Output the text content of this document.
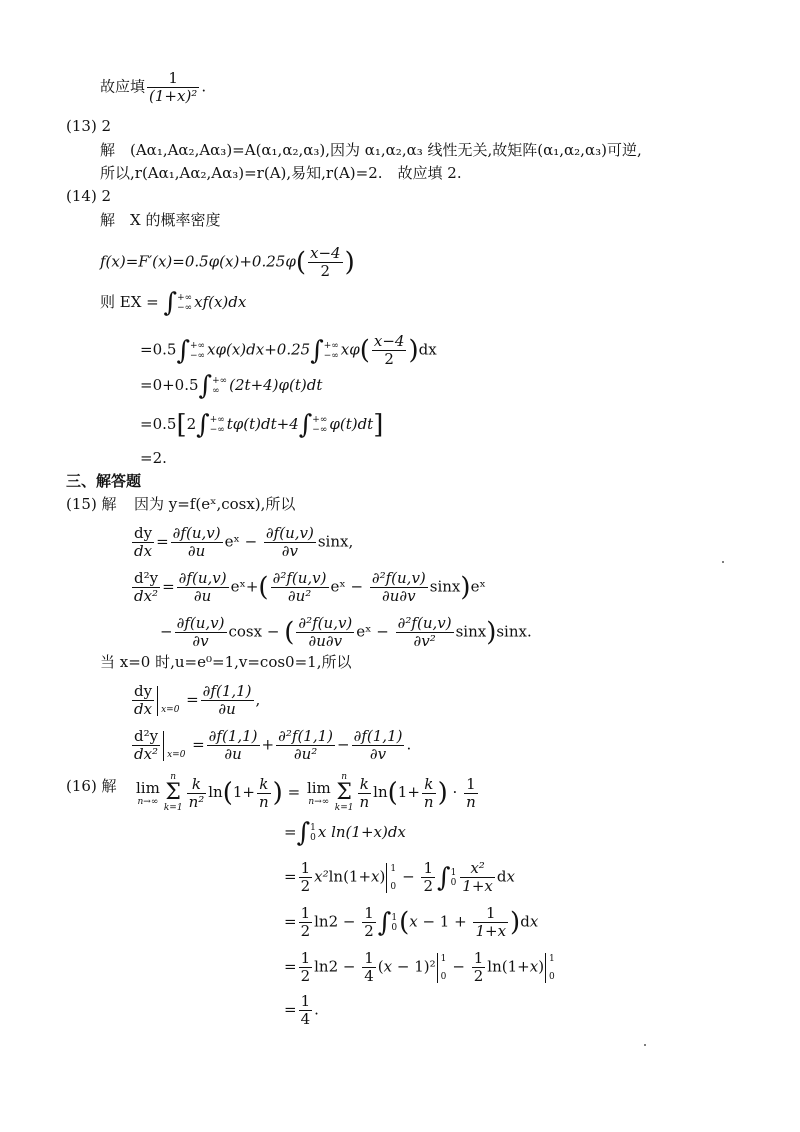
故应填 $\frac{1}{\text{(1+x)²}}$ .
(13) 2
解　(Aα₁,Aα₂,Aα₃)=A(α₁,α₂,α₃),因为 α₁,α₂,α₃ 线性无关,故矩阵(α₁,α₂,α₃)可逆,
所以,r(Aα₁,Aα₂,Aα₃)=r(A),易知,r(A)=2.　故应填 2.
(14) 2
解　X 的概率密度
$f(x)=F'(x)=0.5\varphi(x)+0.25\varphi( \frac{x-4}{2}$ )
则 EX = ∫ +∞
−∞ xf(x)dx
=0.5∫ +∞
−∞ xφ(x)dx+0.25∫ +∞
−∞ $x\varphi( \frac{x-4}{2} )dx$
=0+0.5∫ +∞
∞ (2t+4)φ(t)dt
=0.5[2∫ +∞
−∞ tφ(t)dt+4∫ +∞
−∞ φ(t)dt]
=2.
三、解答题
(15) 解 因为 y=f(eˣ,cosx),所以
$\frac{dy}{dx} = \frac{\partial f(u,v)}{\partial u}$ eˣ − $\frac{\partial f(u,v)}{\partial v} \sin x$,
$\frac{\text{d²y}}{\text{dx²}} = \frac{\partial f(u,v)}{\partial u}$ eˣ+( $\frac{\text{∂²f(u,v)}}{\text{∂u²}}$ eˣ − $\frac{\text{∂²f(u,v)}}{\partial u\partial v}$ sinx)eˣ
− $\frac{\partial f(u,v)}{\partial v}$ cosx − ( $\frac{\text{∂²f(u,v)}}{\partial u\partial v}$ eˣ − $\frac{\text{∂²f(u,v)}}{\text{∂v²}} \sin x)\sin x$.
当 x=0 时,u=e⁰=1,v=cos0=1,所以
$\frac{dy}{dx} x=0$
= $\frac{\partial f(1,1)}{\partial u}$ ,
$\frac{\text{d²y}}{\text{dx²}} x=0$
= $\frac{\partial f(1,1)}{\partial u} + \frac{\text{∂²f(1,1)}}{\text{∂u²}} - \frac{\partial f(1,1)}{\partial v}$ .
(16) 解 lim
n→∞
n
Σ
$k=1 \frac{k}{\text{n²}} \ln(1+ \frac{k}{n}$ ) = lim
n→∞
n
Σ
$k=1 \frac{k}{n} \ln(1+ \frac{k}{n}$ ) · $\frac{1}{n}$
=∫ 1
0 x ln(1+x)dx
= $\frac{1}{2} x^2\ln(1+x)$ 1
0
− $\frac{1}{2}$ ∫ 1
$0 \frac{\text{x²}}{1+x}$ dx
= $\frac{1}{2} \ln 2 - \frac{1}{2}$ ∫ 1
0 $(x - 1 + \frac{1}{1+x} )dx$
= $\frac{1}{2} \ln 2 - \frac{1}{4} (x - 1)^2$ 1
0
− $\frac{1}{2} \ln(1+x)$ 1
0
= $\frac{1}{4}$ .
